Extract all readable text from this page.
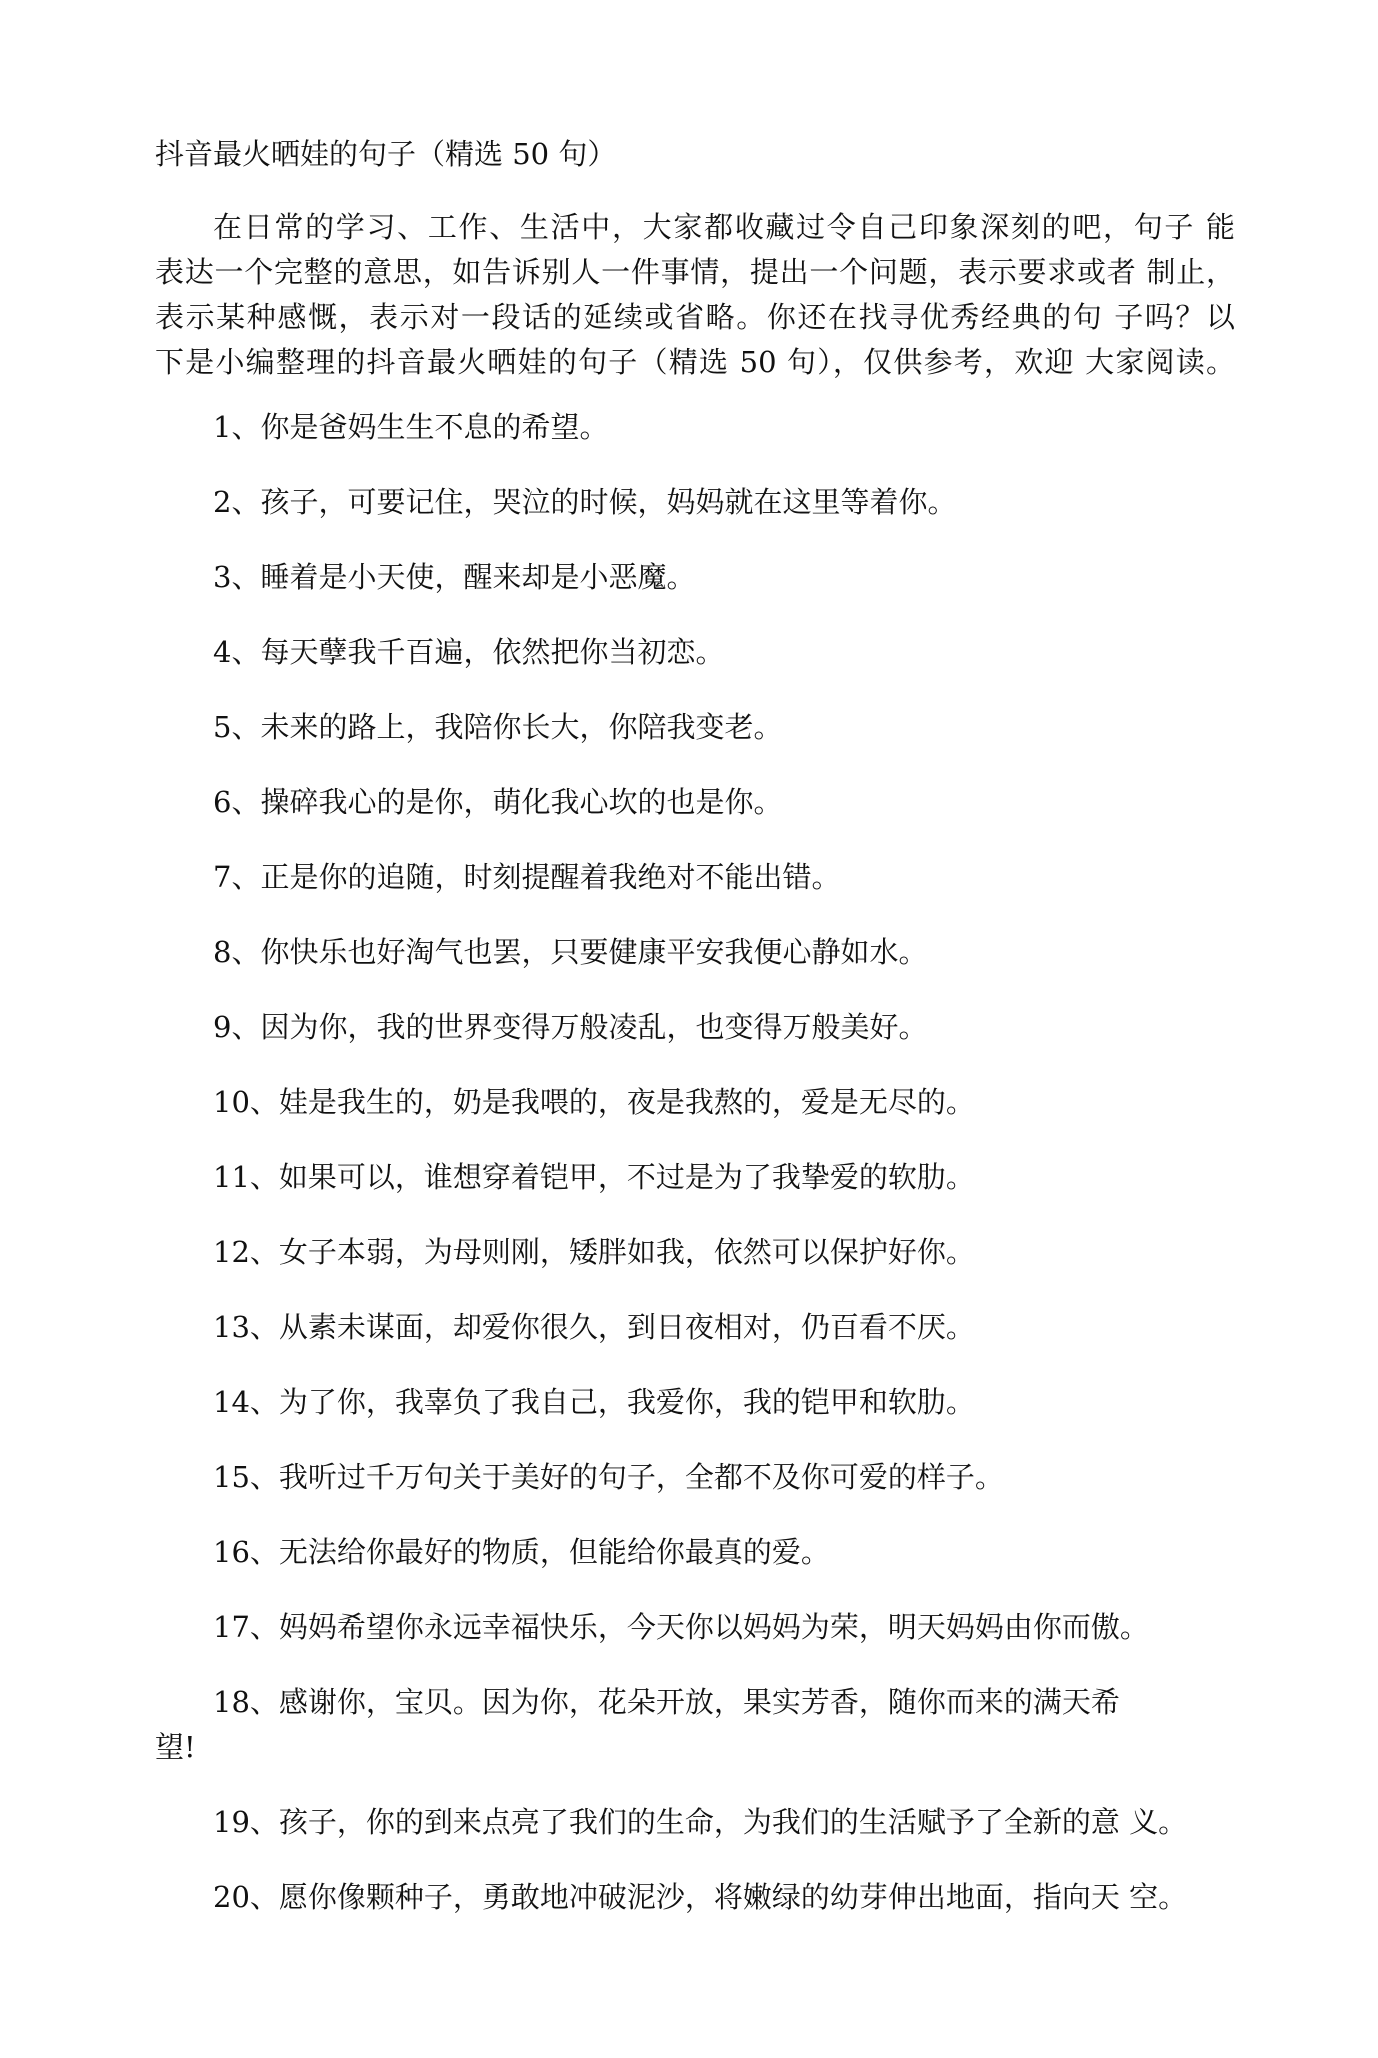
抖音最火晒娃的句子（精选 50 句）
在日常的学习、工作、生活中，大家都收藏过令自己印象深刻的吧，句子 能
表达一个完整的意思，如告诉别人一件事情，提出一个问题，表示要求或者 制止，
表示某种感慨，表示对一段话的延续或省略。你还在找寻优秀经典的句 子吗？以
下是小编整理的抖音最火晒娃的句子（精选 50 句），仅供参考，欢迎 大家阅读。
1、你是爸妈生生不息的希望。
2、孩子，可要记住，哭泣的时候，妈妈就在这里等着你。
3、睡着是小天使，醒来却是小恶魔。
4、每天孽我千百遍，依然把你当初恋。
5、未来的路上，我陪你长大，你陪我变老。
6、操碎我心的是你，萌化我心坎的也是你。
7、正是你的追随，时刻提醒着我绝对不能出错。
8、你快乐也好淘气也罢，只要健康平安我便心静如水。
9、因为你，我的世界变得万般凌乱，也变得万般美好。
10、娃是我生的，奶是我喂的，夜是我熬的，爱是无尽的。
11、如果可以，谁想穿着铠甲，不过是为了我挚爱的软肋。
12、女子本弱，为母则刚，矮胖如我，依然可以保护好你。
13、从素未谋面，却爱你很久，到日夜相对，仍百看不厌。
14、为了你，我辜负了我自己，我爱你，我的铠甲和软肋。
15、我听过千万句关于美好的句子，全都不及你可爱的样子。
16、无法给你最好的物质，但能给你最真的爱。
17、妈妈希望你永远幸福快乐，今天你以妈妈为荣，明天妈妈由你而傲。
18、感谢你，宝贝。因为你，花朵开放，果实芳香，随你而来的满天希
望!
19、孩子，你的到来点亮了我们的生命，为我们的生活赋予了全新的意 义。
20、愿你像颗种子，勇敢地冲破泥沙，将嫩绿的幼芽伸出地面，指向天 空。
